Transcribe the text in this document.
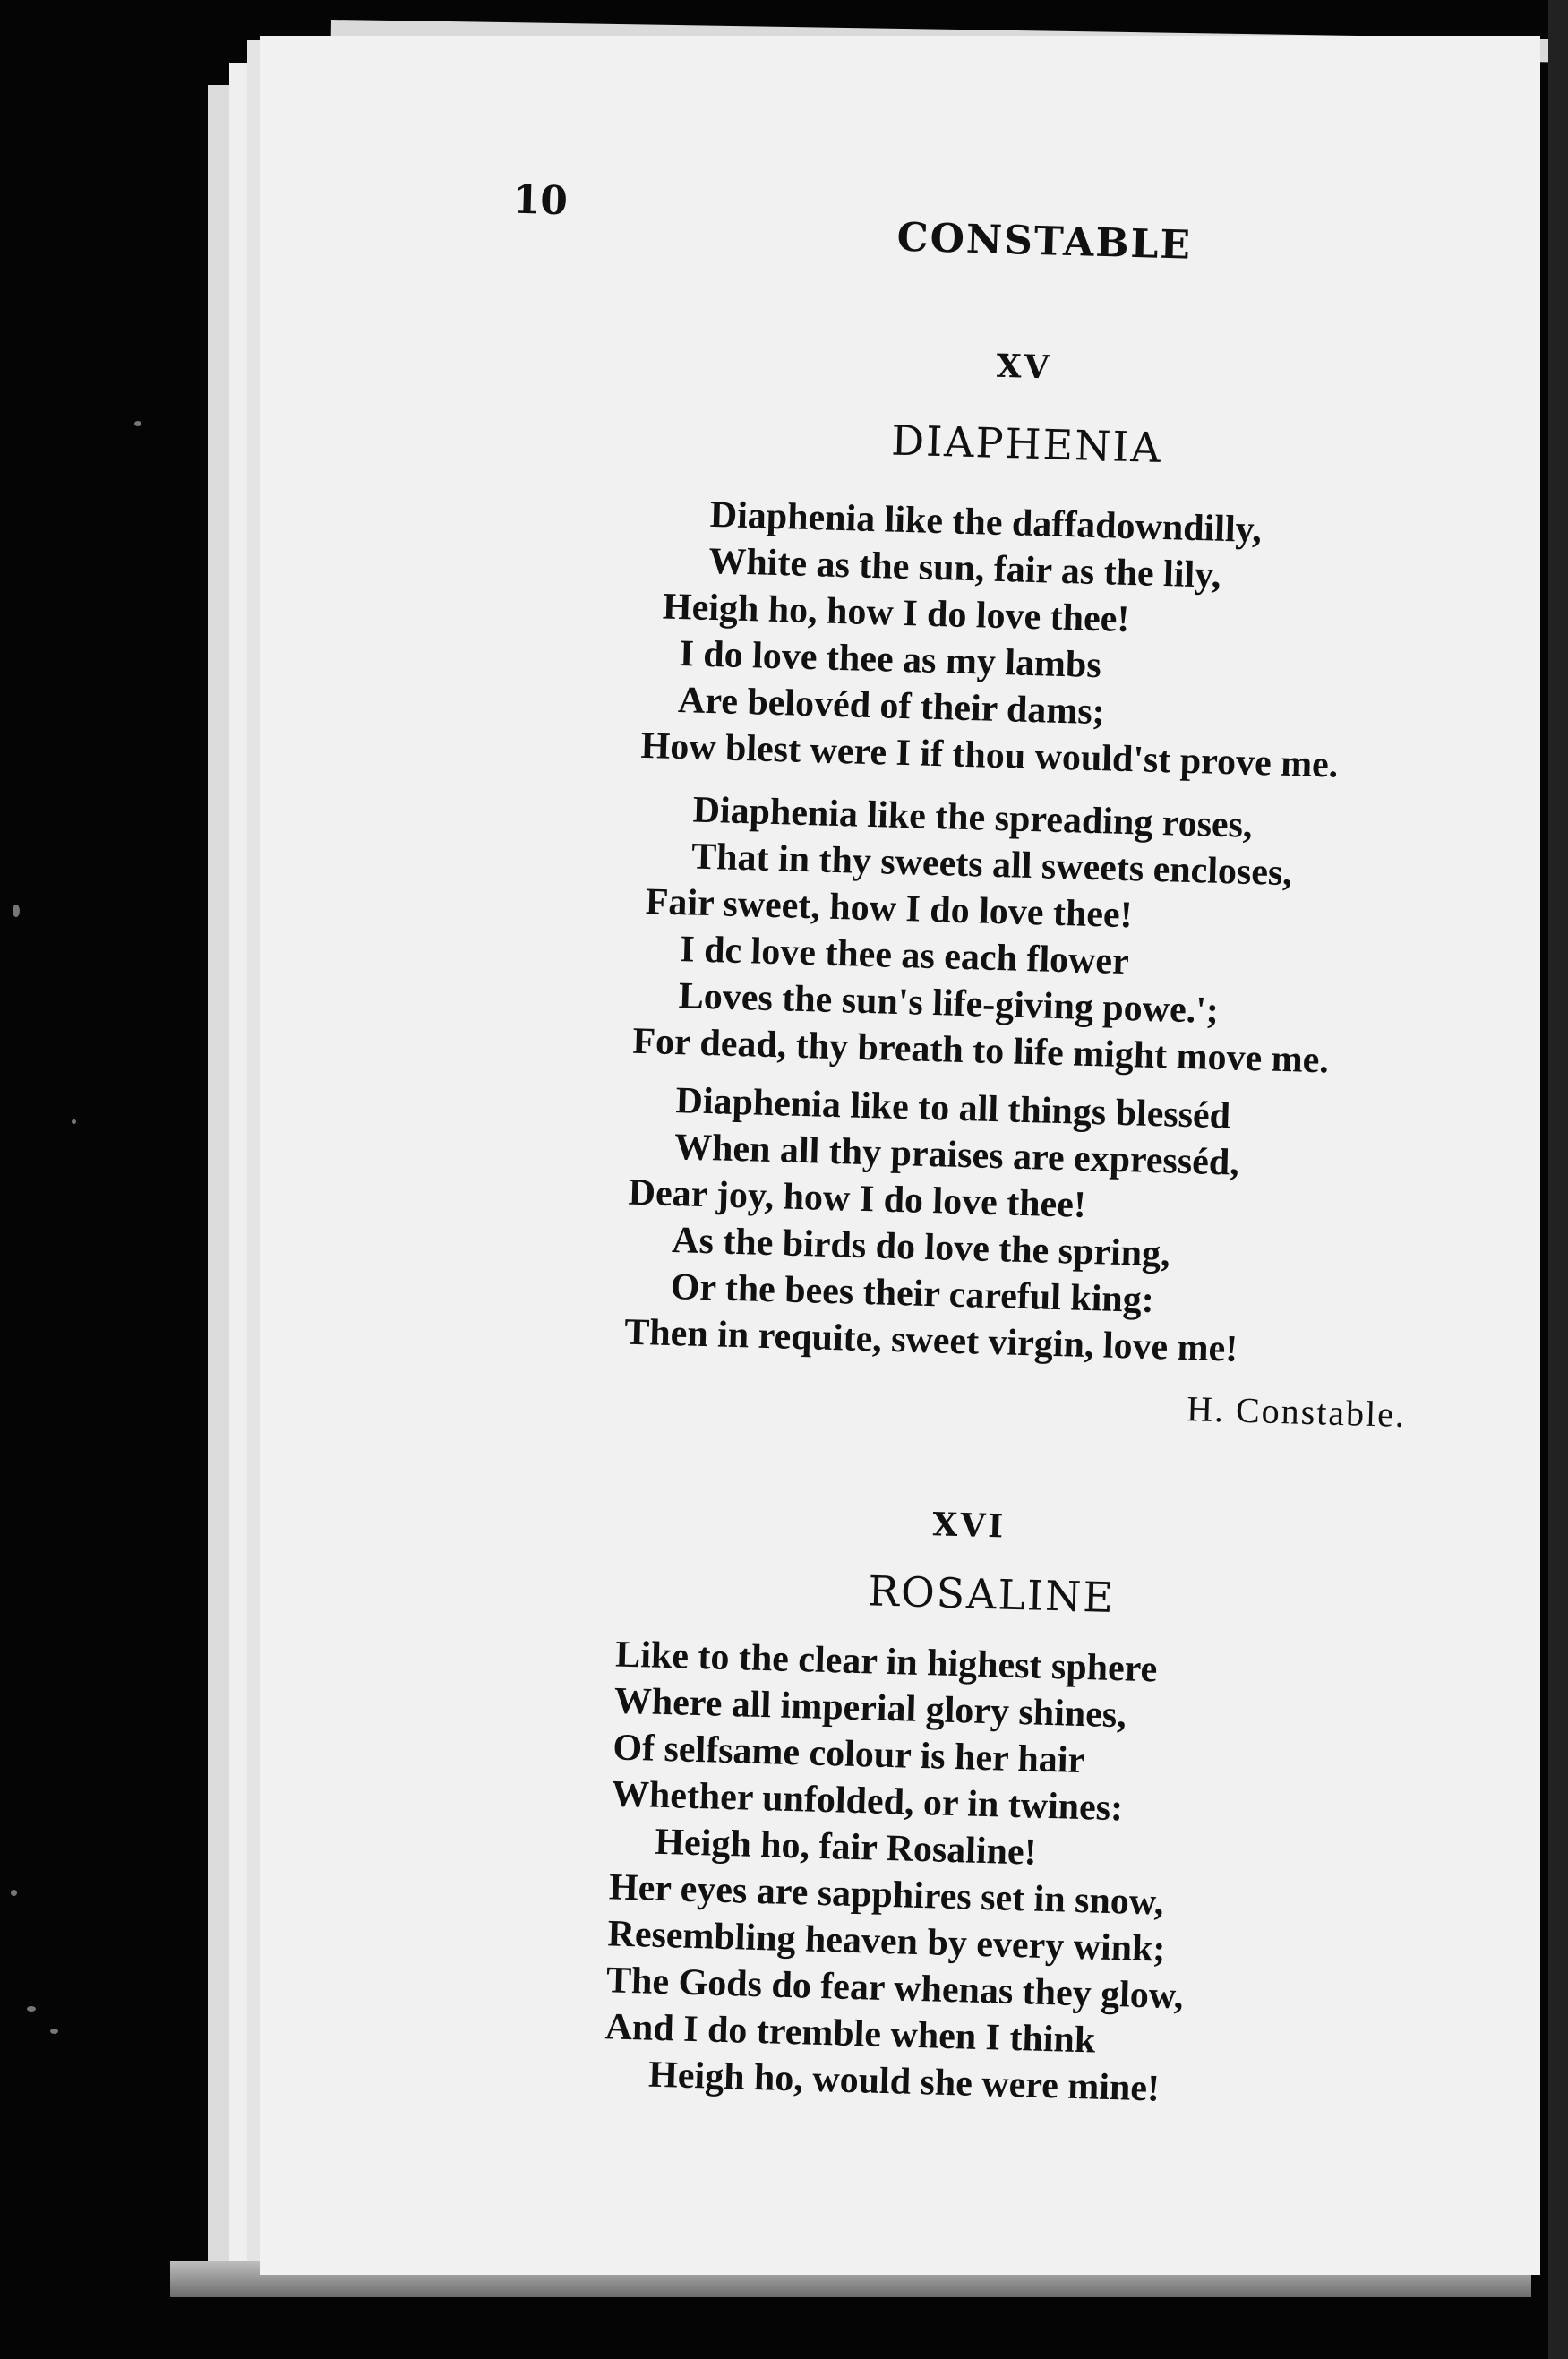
10
CONSTABLE
XV
DIAPHENIA
Diaphenia like the daffadowndilly,
White as the sun, fair as the lily,
Heigh ho, how I do love thee!
I do love thee as my lambs
Are belovéd of their dams;
How blest were I if thou would'st prove me.
Diaphenia like the spreading roses,
That in thy sweets all sweets encloses,
Fair sweet, how I do love thee!
I dc love thee as each flower
Loves the sun's life-giving powe.';
For dead, thy breath to life might move me.
Diaphenia like to all things blesséd
When all thy praises are expresséd,
Dear joy, how I do love thee!
As the birds do love the spring,
Or the bees their careful king:
Then in requite, sweet virgin, love me!
H. Constable.
XVI
ROSALINE
Like to the clear in highest sphere
Where all imperial glory shines,
Of selfsame colour is her hair
Whether unfolded, or in twines:
Heigh ho, fair Rosaline!
Her eyes are sapphires set in snow,
Resembling heaven by every wink;
The Gods do fear whenas they glow,
And I do tremble when I think
Heigh ho, would she were mine!
